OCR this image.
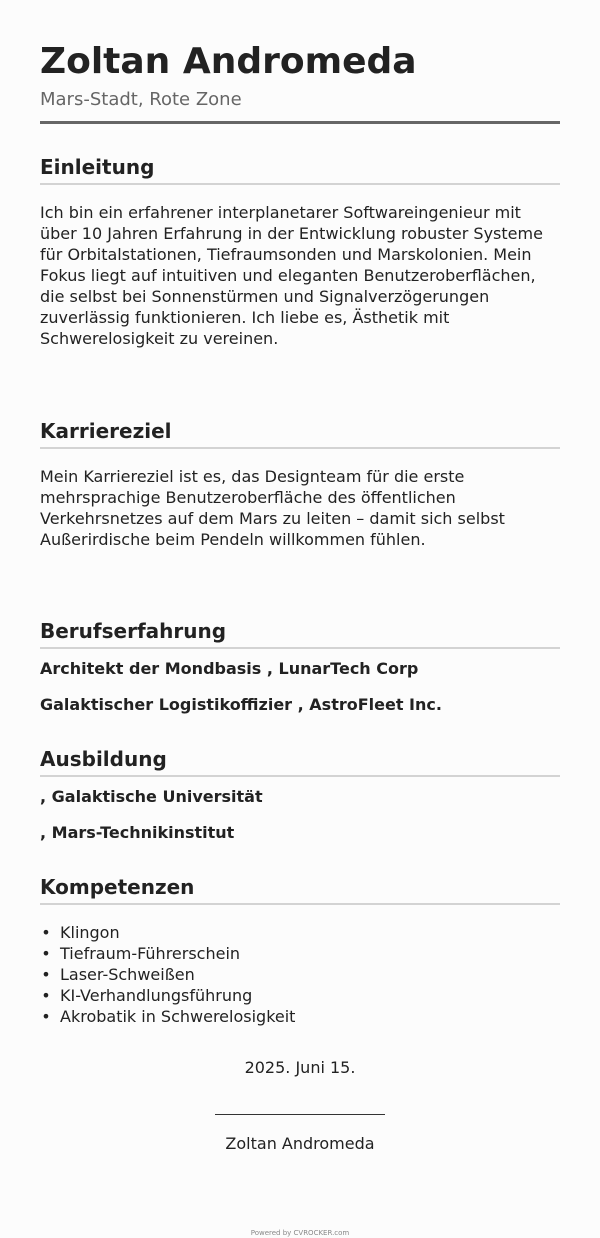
Zoltan Andromeda

Mars-Stadt, Rote Zone

Einleitung

Ich bin ein erfahrener interplanetarer Softwareingenieur mit über 10 Jahren Erfahrung in der Entwicklung robuster Systeme für Orbitalstationen, Tiefraumsonden und Marskolonien. Mein Fokus liegt auf intuitiven und eleganten Benutzeroberflächen, die selbst bei Sonnenstürmen und Signalverzögerungen zuverlässig funktionieren. Ich liebe es, Ästhetik mit Schwerelosigkeit zu vereinen.

Karriereziel

Mein Karriereziel ist es, das Designteam für die erste mehrsprachige Benutzeroberfläche des öffentlichen Verkehrsnetzes auf dem Mars zu leiten – damit sich selbst Außerirdische beim Pendeln willkommen fühlen.

Berufserfahrung

Architekt der Mondbasis , LunarTech Corp

Galaktischer Logistikoffizier , AstroFleet Inc.

Ausbildung

, Galaktische Universität

, Mars-Technikinstitut

Kompetenzen
• Klingon
• Tiefraum-Führerschein
• Laser-Schweißen
• KI-Verhandlungsführung
• Akrobatik in Schwerelosigkeit
2025. Juni 15.
Zoltan Andromeda
Powered by CVROCKER.com
